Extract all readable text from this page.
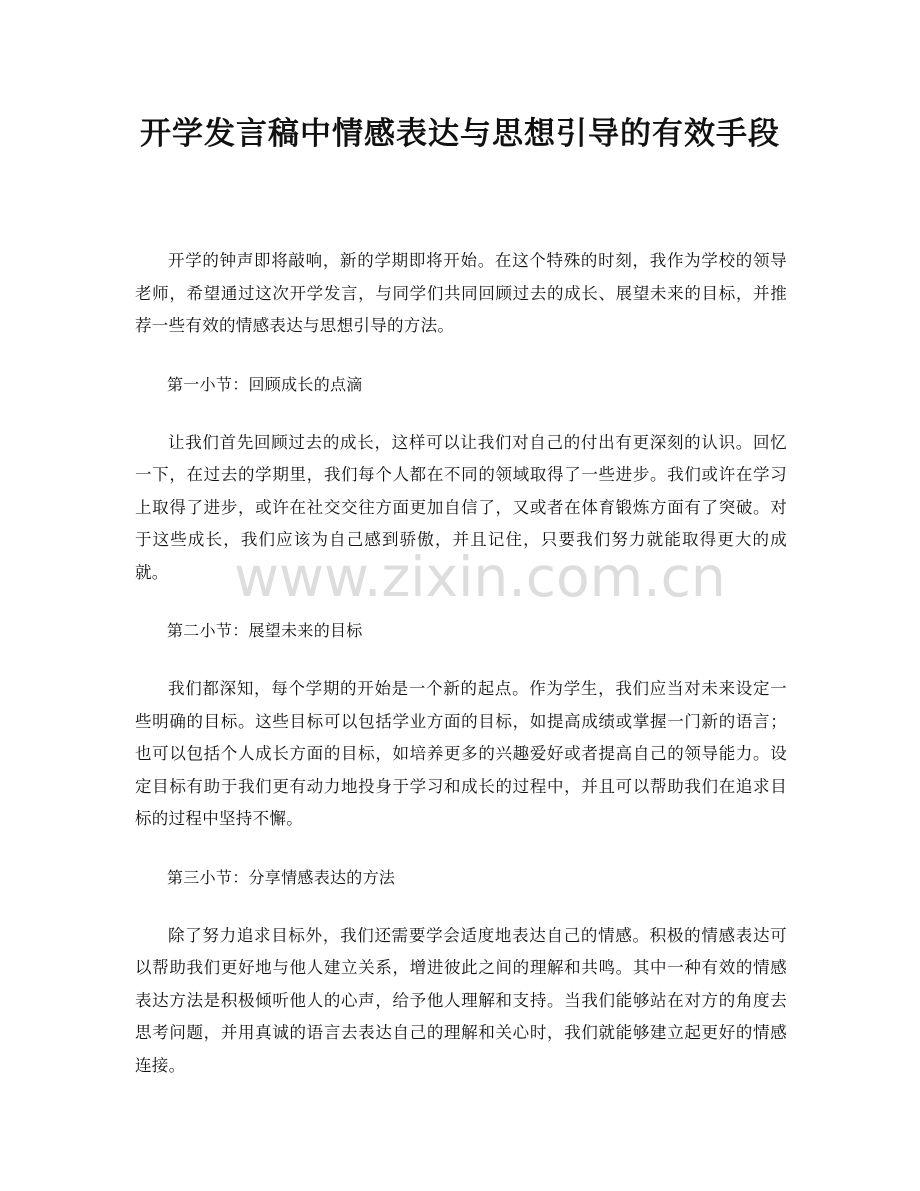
开学发言稿中情感表达与思想引导的有效手段

开学的钟声即将敲响，新的学期即将开始。在这个特殊的时刻，我作为学校的领导老师，希望通过这次开学发言，与同学们共同回顾过去的成长、展望未来的目标，并推荐一些有效的情感表达与思想引导的方法。

第一小节：回顾成长的点滴

让我们首先回顾过去的成长，这样可以让我们对自己的付出有更深刻的认识。回忆一下，在过去的学期里，我们每个人都在不同的领域取得了一些进步。我们或许在学习上取得了进步，或许在社交交往方面更加自信了，又或者在体育锻炼方面有了突破。对于这些成长，我们应该为自己感到骄傲，并且记住，只要我们努力就能取得更大的成就。

第二小节：展望未来的目标

我们都深知，每个学期的开始是一个新的起点。作为学生，我们应当对未来设定一些明确的目标。这些目标可以包括学业方面的目标，如提高成绩或掌握一门新的语言；也可以包括个人成长方面的目标，如培养更多的兴趣爱好或者提高自己的领导能力。设定目标有助于我们更有动力地投身于学习和成长的过程中，并且可以帮助我们在追求目标的过程中坚持不懈。

第三小节：分享情感表达的方法

除了努力追求目标外，我们还需要学会适度地表达自己的情感。积极的情感表达可以帮助我们更好地与他人建立关系，增进彼此之间的理解和共鸣。其中一种有效的情感表达方法是积极倾听他人的心声，给予他人理解和支持。当我们能够站在对方的角度去思考问题，并用真诚的语言去表达自己的理解和关心时，我们就能够建立起更好的情感连接。

www.zixin.com.cn
